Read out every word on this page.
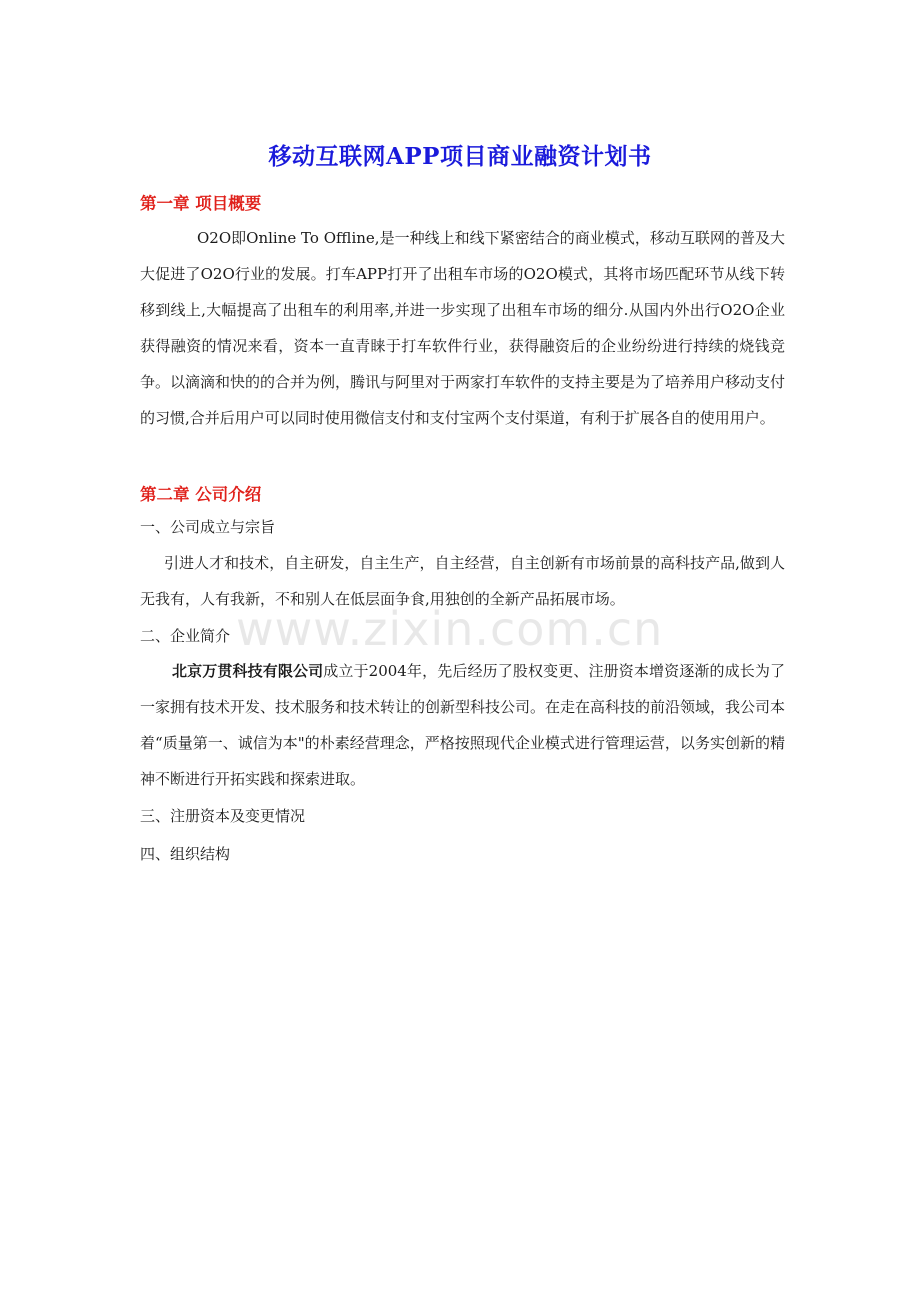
移动互联网APP项目商业融资计划书
第一章 项目概要

O2O即Online To Offline,是一种线上和线下紧密结合的商业模式，移动互联网的普及大大促进了O2O行业的发展。打车APP打开了出租车市场的O2O模式，其将市场匹配环节从线下转移到线上,大幅提高了出租车的利用率,并进一步实现了出租车市场的细分.从国内外出行O2O企业获得融资的情况来看，资本一直青睐于打车软件行业，获得融资后的企业纷纷进行持续的烧钱竞争。以滴滴和快的的合并为例，腾讯与阿里对于两家打车软件的支持主要是为了培养用户移动支付的习惯,合并后用户可以同时使用微信支付和支付宝两个支付渠道，有利于扩展各自的使用用户。

第二章 公司介绍
一、公司成立与宗旨

引进人才和技术，自主研发，自主生产，自主经营，自主创新有市场前景的高科技产品,做到人无我有，人有我新，不和别人在低层面争食,用独创的全新产品拓展市场。

二、企业简介

北京万贯科技有限公司成立于2004年，先后经历了股权变更、注册资本增资逐渐的成长为了一家拥有技术开发、技术服务和技术转让的创新型科技公司。在走在高科技的前沿领域，我公司本着“质量第一、诚信为本"的朴素经营理念，严格按照现代企业模式进行管理运营，以务实创新的精神不断进行开拓实践和探索进取。

三、注册资本及变更情况
四、组织结构
www.zixin.com.cn
